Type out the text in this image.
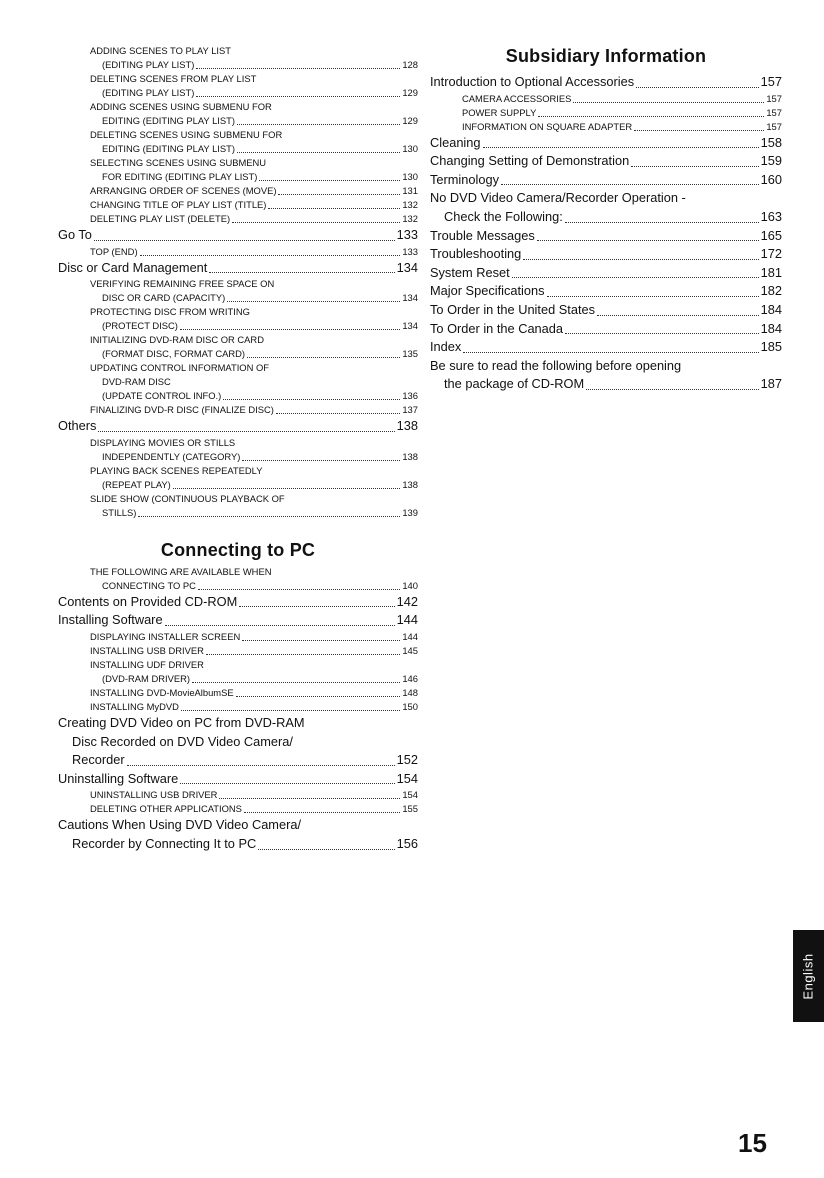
ADDING SCENES TO PLAY LIST
(EDITING PLAY LIST)	128
DELETING SCENES FROM PLAY LIST
(EDITING PLAY LIST)	129
ADDING SCENES USING SUBMENU FOR
EDITING (EDITING PLAY LIST)	129
DELETING SCENES USING SUBMENU FOR
EDITING (EDITING PLAY LIST)	130
SELECTING SCENES USING SUBMENU
FOR EDITING (EDITING PLAY LIST)	130
ARRANGING ORDER OF SCENES (MOVE)	131
CHANGING TITLE OF PLAY LIST (TITLE)	132
DELETING PLAY LIST (DELETE)	132
Go To	133
TOP (END)	133
Disc or Card Management	134
VERIFYING REMAINING FREE SPACE ON
DISC OR CARD (CAPACITY)	134
PROTECTING DISC FROM WRITING
(PROTECT DISC)	134
INITIALIZING DVD-RAM DISC OR CARD
(FORMAT DISC, FORMAT CARD)	135
UPDATING CONTROL INFORMATION OF
DVD-RAM DISC
(UPDATE CONTROL INFO.)	136
FINALIZING DVD-R DISC (FINALIZE DISC)	137
Others	138
DISPLAYING MOVIES OR STILLS
INDEPENDENTLY (CATEGORY)	138
PLAYING BACK SCENES REPEATEDLY
(REPEAT PLAY)	138
SLIDE SHOW (CONTINUOUS PLAYBACK OF
STILLS)	139
Connecting to PC
THE FOLLOWING ARE AVAILABLE WHEN
CONNECTING TO PC	140
Contents on Provided CD-ROM	142
Installing Software	144
DISPLAYING INSTALLER SCREEN	144
INSTALLING USB DRIVER	145
INSTALLING UDF DRIVER
(DVD-RAM DRIVER)	146
INSTALLING DVD-MovieAlbumSE	148
INSTALLING MyDVD	150
Creating DVD Video on PC from DVD-RAM
Disc Recorded on DVD Video Camera/
Recorder	152
Uninstalling Software	154
UNINSTALLING USB DRIVER	154
DELETING OTHER APPLICATIONS	155
Cautions When Using DVD Video Camera/
Recorder by Connecting It to PC	156
Subsidiary Information
Introduction to Optional Accessories	157
CAMERA ACCESSORIES	157
POWER SUPPLY	157
INFORMATION ON SQUARE ADAPTER	157
Cleaning	158
Changing Setting of Demonstration	159
Terminology	160
No DVD Video Camera/Recorder Operation -
Check the Following:	163
Trouble Messages	165
Troubleshooting	172
System Reset	181
Major Specifications	182
To Order in the United States	184
To Order in the Canada	184
Index	185
Be sure to read the following before opening
the package of CD-ROM	187
English
15
